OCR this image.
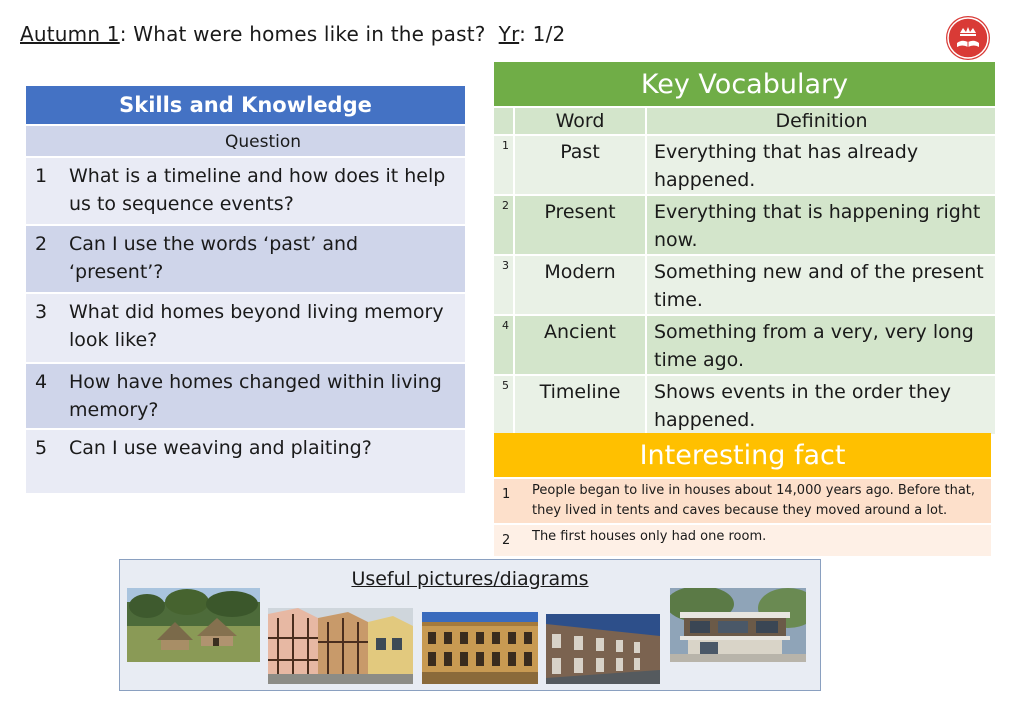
Autumn 1: What were homes like in the past? Yr: 1/2
Skills and Knowledge
	Question
1	What is a timeline and how does it help us to sequence events?
2	Can I use the words ‘past’ and ‘present’?
3	What did homes beyond living memory look like?
4	How have homes changed within living memory?
5	Can I use weaving and plaiting?
Key Vocabulary
	Word	Definition
1	Past	Everything that has already happened.
2	Present	Everything that is happening right now.
3	Modern	Something new and of the present time.
4	Ancient	Something from a very, very long time ago.
5	Timeline	Shows events in the order they happened.
Interesting fact
1	People began to live in houses about 14,000 years ago. Before that, they lived in tents and caves because they moved around a lot.
2	The first houses only had one room.
Useful pictures/diagrams
